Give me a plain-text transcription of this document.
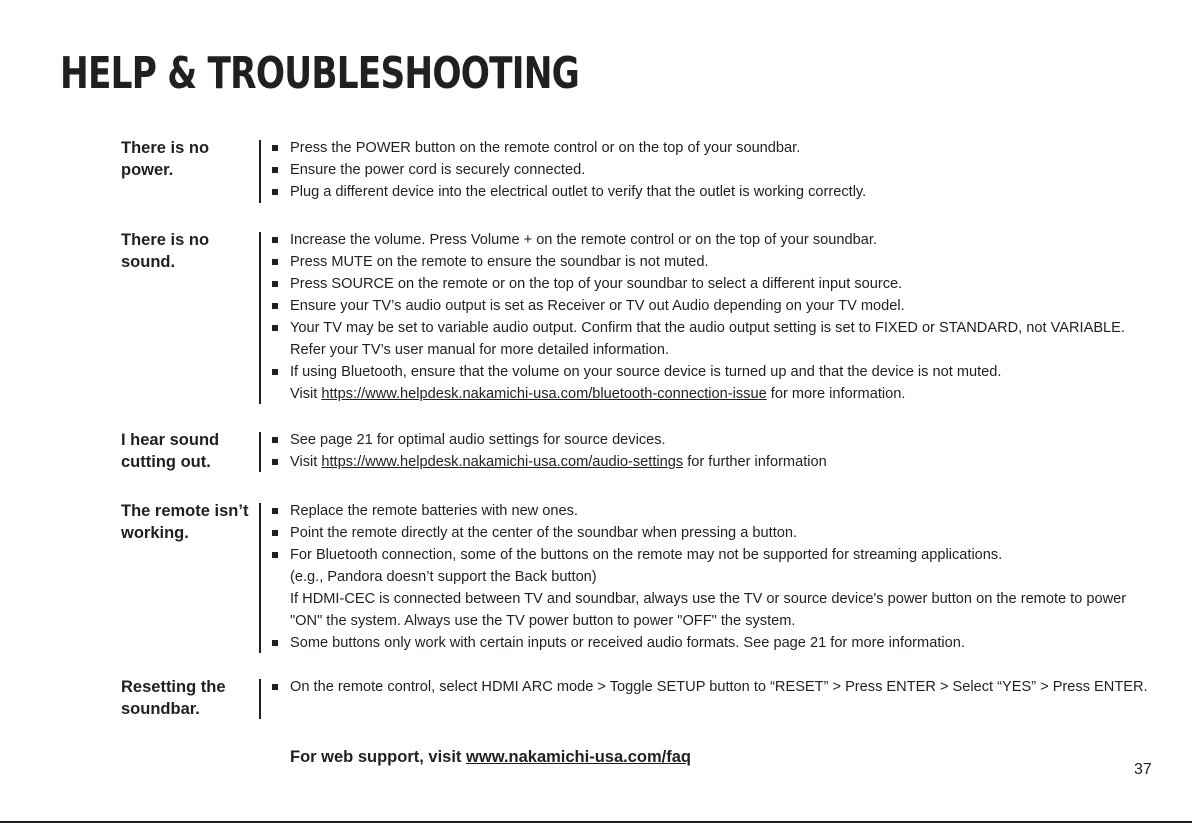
HELP & TROUBLESHOOTING
There is no power.

Press the POWER button on the remote control or on the top of your soundbar.

Ensure the power cord is securely connected.

Plug a different device into the electrical outlet to verify that the outlet is working correctly.

There is no sound.

Increase the volume. Press Volume + on the remote control or on the top of your soundbar.

Press MUTE on the remote to ensure the soundbar is not muted.

Press SOURCE on the remote or on the top of your soundbar to select a different input source.

Ensure your TV’s audio output is set as Receiver or TV out Audio depending on your TV model.

Your TV may be set to variable audio output. Confirm that the audio output setting is set to FIXED or STANDARD, not VARIABLE. Refer your TV’s user manual for more detailed information.

If using Bluetooth, ensure that the volume on your source device is turned up and that the device is not muted.

Visit https://www.helpdesk.nakamichi-usa.com/bluetooth-connection-issue for more information.

I hear sound cutting out.

See page 21 for optimal audio settings for source devices.

Visit https://www.helpdesk.nakamichi-usa.com/audio-settings for further information

The remote isn’t working.

Replace the remote batteries with new ones.

Point the remote directly at the center of the soundbar when pressing a button.

For Bluetooth connection, some of the buttons on the remote may not be supported for streaming applications.

(e.g., Pandora doesn’t support the Back button)

If HDMI-CEC is connected between TV and soundbar, always use the TV or source device's power button on the remote to power "ON" the system. Always use the TV power button to power "OFF" the system.

Some buttons only work with certain inputs or received audio formats. See page 21 for more information.

Resetting the soundbar.

On the remote control, select HDMI ARC mode > Toggle SETUP button to “RESET” > Press ENTER > Select “YES” > Press ENTER.

For web support, visit www.nakamichi-usa.com/faq

37
